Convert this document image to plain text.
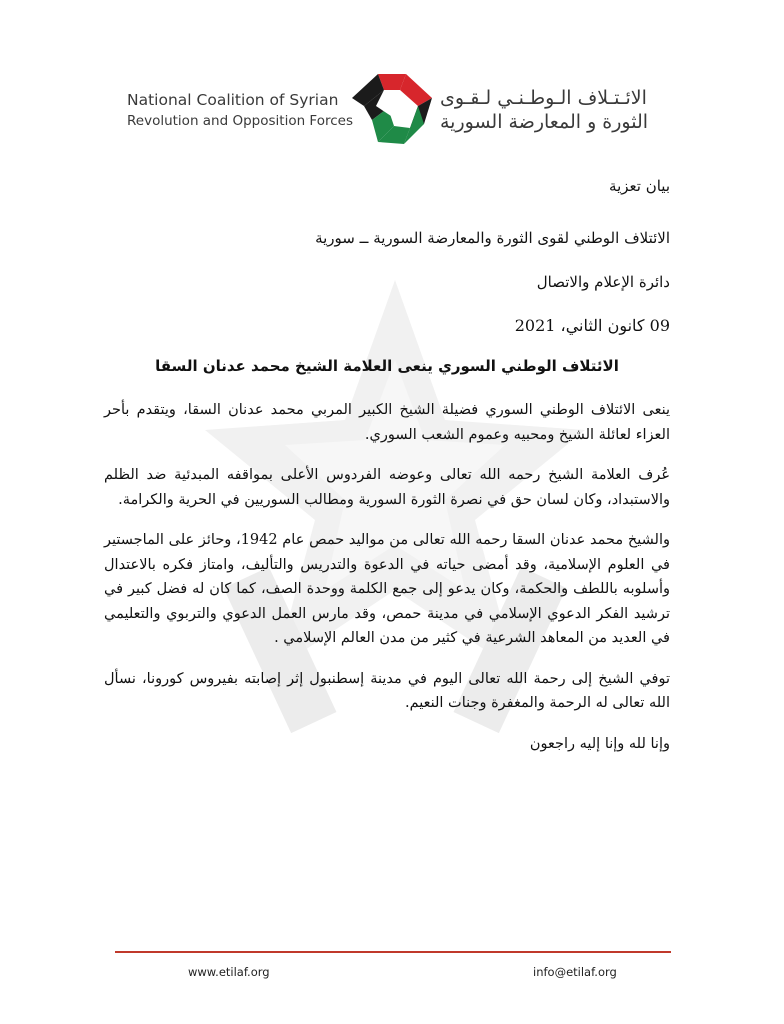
National Coalition of Syrian
Revolution and Opposition Forces
الائـتـلاف الـوطـنـي لـقـوى
الثورة و المعارضة السورية

بيان تعزية

الائتلاف الوطني لقوى الثورة والمعارضة السورية ــ سورية

دائرة الإعلام والاتصال

09 كانون الثاني، 2021

الائتلاف الوطني السوري ينعى العلامة الشيخ محمد عدنان السقا

ينعى الائتلاف الوطني السوري فضيلة الشيخ الكبير المربي محمد عدنان السقا، ويتقدم بأحر العزاء لعائلة الشيخ ومحبيه وعموم الشعب السوري.

عُرف العلامة الشيخ رحمه الله تعالى وعوضه الفردوس الأعلى بمواقفه المبدئية ضد الظلم والاستبداد، وكان لسان حق في نصرة الثورة السورية ومطالب السوريين في الحرية والكرامة.

والشيخ محمد عدنان السقا رحمه الله تعالى من مواليد حمص عام 1942، وحائز على الماجستير في العلوم الإسلامية، وقد أمضى حياته في الدعوة والتدريس والتأليف، وامتاز فكره بالاعتدال وأسلوبه باللطف والحكمة، وكان يدعو إلى جمع الكلمة ووحدة الصف، كما كان له فضل كبير في ترشيد الفكر الدعوي الإسلامي في مدينة حمص، وقد مارس العمل الدعوي والتربوي والتعليمي في العديد من المعاهد الشرعية في كثير من مدن العالم الإسلامي .

توفي الشيخ إلى رحمة الله تعالى اليوم في مدينة إسطنبول إثر إصابته بفيروس كورونا، نسأل الله تعالى له الرحمة والمغفرة وجنات النعيم.

وإنا لله وإنا إليه راجعون

www.etilaf.org	info@etilaf.org
